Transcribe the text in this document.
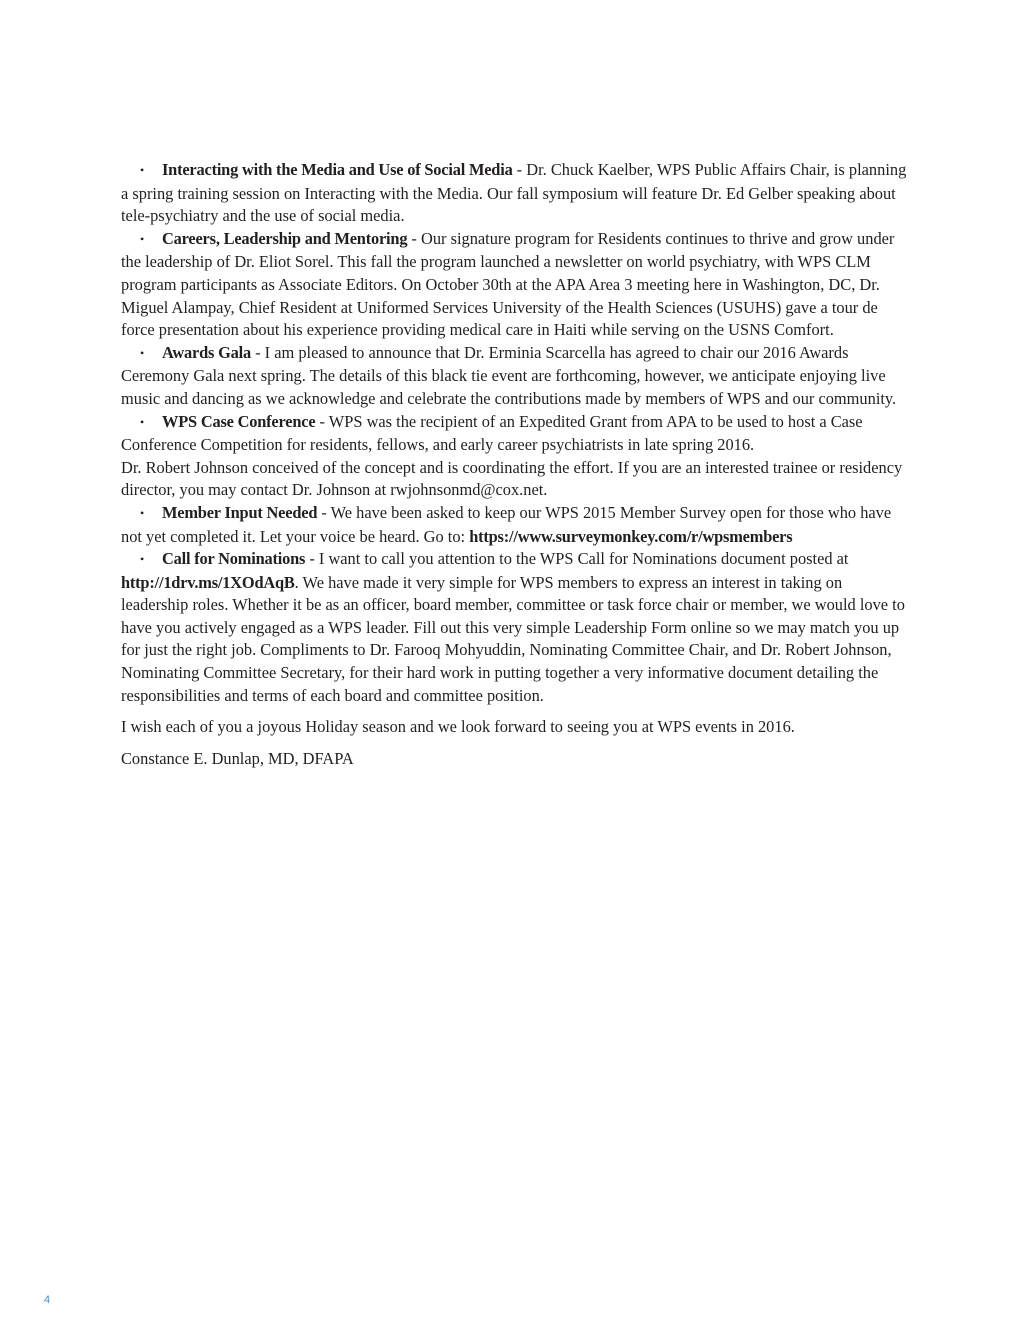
•Interacting with the Media and Use of Social Media - Dr. Chuck Kaelber, WPS Public Affairs Chair, is planning a spring training session on Interacting with the Media. Our fall symposium will feature Dr. Ed Gelber speaking about tele-psychiatry and the use of social media.

•Careers, Leadership and Mentoring - Our signature program for Residents continues to thrive and grow under the leadership of Dr. Eliot Sorel. This fall the program launched a newsletter on world psychiatry, with WPS CLM program participants as Associate Editors. On October 30th at the APA Area 3 meeting here in Washington, DC, Dr. Miguel Alampay, Chief Resident at Uniformed Services University of the Health Sciences (USUHS) gave a tour de force presentation about his experience providing medical care in Haiti while serving on the USNS Comfort.

•Awards Gala - I am pleased to announce that Dr. Erminia Scarcella has agreed to chair our 2016 Awards Ceremony Gala next spring. The details of this black tie event are forthcoming, however, we anticipate enjoying live music and dancing as we acknowledge and celebrate the contributions made by members of WPS and our community.

•WPS Case Conference - WPS was the recipient of an Expedited Grant from APA to be used to host a Case Conference Competition for residents, fellows, and early career psychiatrists in late spring 2016.
Dr. Robert Johnson conceived of the concept and is coordinating the effort. If you are an interested trainee or residency director, you may contact Dr. Johnson at rwjohnsonmd@cox.net.

•Member Input Needed - We have been asked to keep our WPS 2015 Member Survey open for those who have not yet completed it. Let your voice be heard. Go to: https://www.surveymonkey.com/r/wpsmembers

•Call for Nominations - I want to call you attention to the WPS Call for Nominations document posted at http://1drv.ms/1XOdAqB. We have made it very simple for WPS members to express an interest in taking on leadership roles. Whether it be as an officer, board member, committee or task force chair or member, we would love to have you actively engaged as a WPS leader. Fill out this very simple Leadership Form online so we may match you up for just the right job. Compliments to Dr. Farooq Mohyuddin, Nominating Committee Chair, and Dr. Robert Johnson, Nominating Committee Secretary, for their hard work in putting together a very informative document detailing the responsibilities and terms of each board and committee position.

I wish each of you a joyous Holiday season and we look forward to seeing you at WPS events in 2016.

Constance E. Dunlap, MD, DFAPA

4
